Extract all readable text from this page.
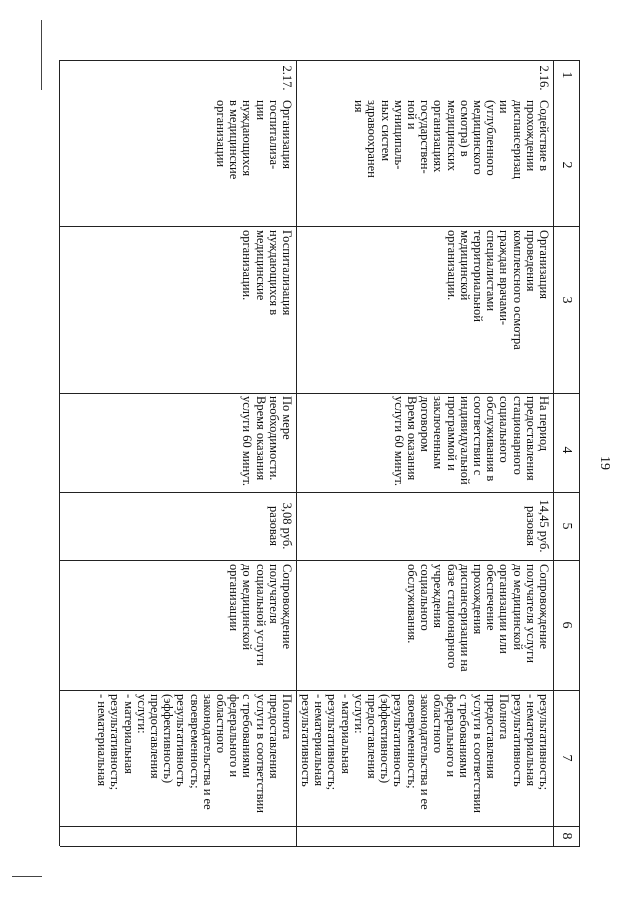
19
1
2
3
4
5
6
7
8
результативность;
- нематериальная
результативность
2.16.
Содействие в
прохождении
диспансеризац
ии
(углубленного
медицинского
осмотра) в
медицинских
организациях
государствен-
ной и
муниципаль-
ных систем
здравоохранен
ия
Организация
проведения
комплексного осмотра
граждан врачами-
специалистами
территориальной
медицинской
организации.
На период
предоставления
стационарного
социального
обслуживания в
соответствии с
индивидуальной
программой и
заключенным
договором
Время оказания
услуги 60 минут.
14,45 руб.
разовая
Сопровождение
получателя услуги
до медицинской
организации или
обеспечение
прохождения
диспансеризации на
базе стационарного
учреждения
социального
обслуживания.
Полнота
предоставления
услуги в соответствии
с требованиями
федерального и
областного
законодательства и ее
своевременность;
результативность
(эффективность)
предоставления
услуги:
- материальная
результативность;
- нематериальная
результативность
2.17.
Организация
госпитализа-
ции
нуждающихся
в медицинские
организации
Госпитализация
нуждающихся в
медицинские
организации.
По мере
необходимости.
Время оказания
услуги 60 минут.
3,08 руб.
разовая
Сопровождение
получателя
социальной услуги
до медицинской
организации
Полнота
предоставления
услуги в соответствии
с требованиями
федерального и
областного
законодательства и ее
своевременность;
результативность
(эффективность)
предоставления
услуги:
- материальная
результативность;
- нематериальная
